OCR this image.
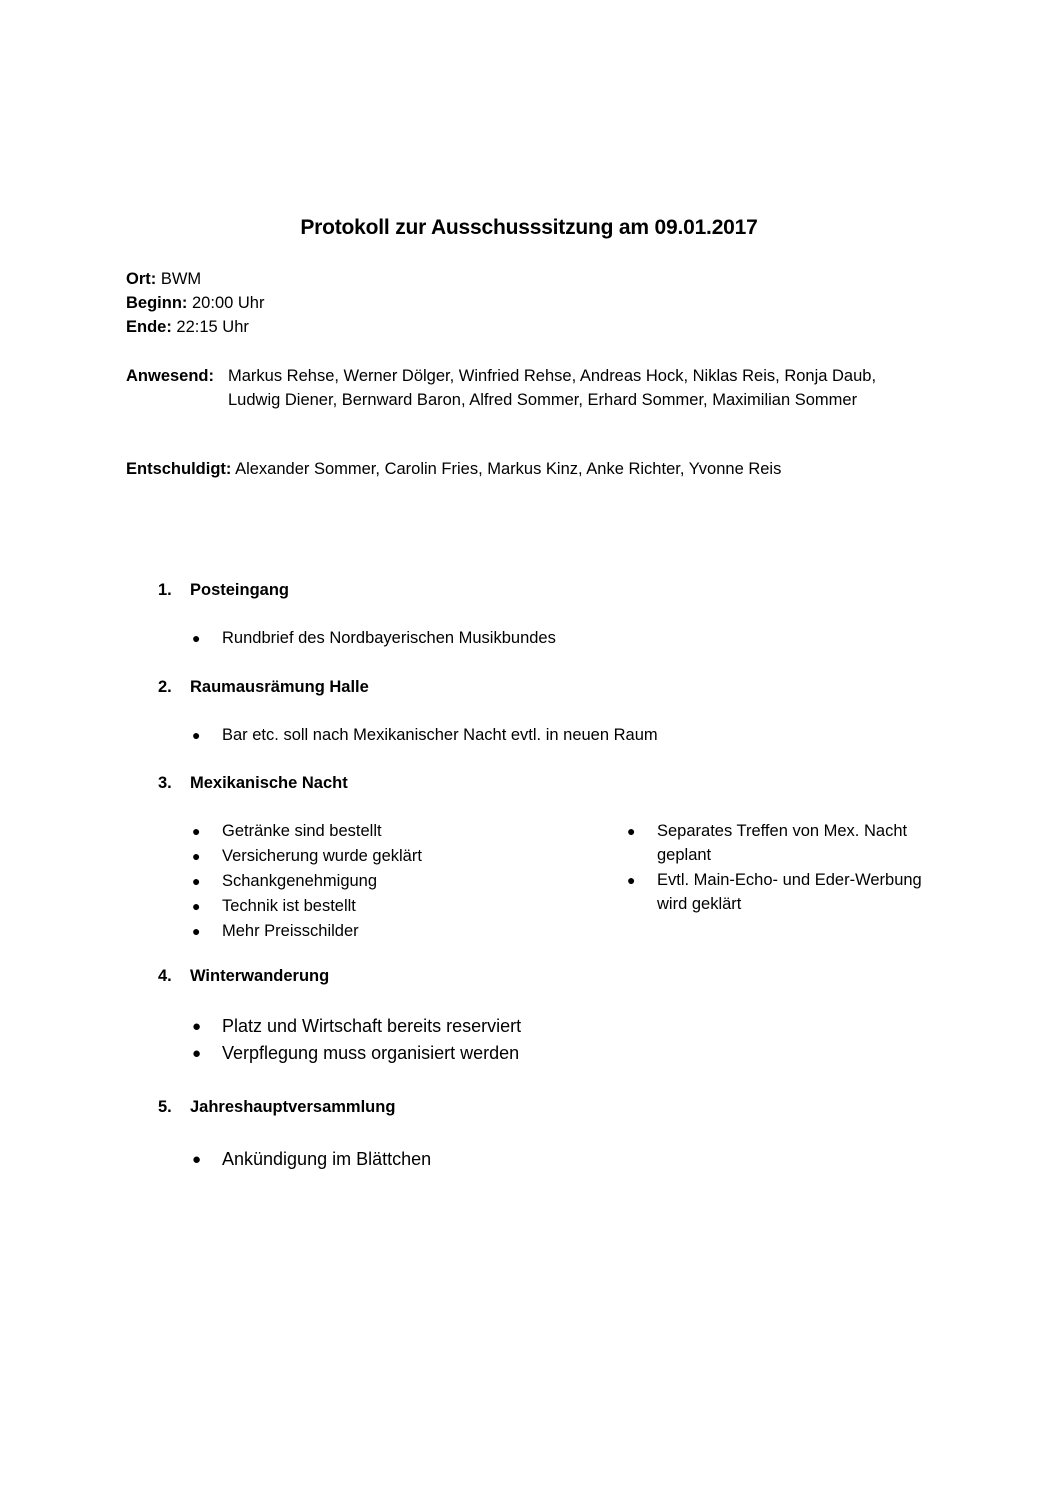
Protokoll zur Ausschusssitzung am 09.01.2017
Ort: BWM
Beginn: 20:00 Uhr
Ende: 22:15 Uhr
Anwesend: Markus Rehse, Werner Dölger, Winfried Rehse, Andreas Hock, Niklas Reis, Ronja Daub, Ludwig Diener, Bernward Baron, Alfred Sommer, Erhard Sommer, Maximilian Sommer
Entschuldigt: Alexander Sommer, Carolin Fries, Markus Kinz, Anke Richter, Yvonne Reis
1. Posteingang
● Rundbrief des Nordbayerischen Musikbundes
2. Raumausrämung Halle
● Bar etc. soll nach Mexikanischer Nacht evtl. in neuen Raum
3. Mexikanische Nacht
● Getränke sind bestellt
● Versicherung wurde geklärt
● Schankgenehmigung
● Technik ist bestellt
● Mehr Preisschilder
● Separates Treffen von Mex. Nacht geplant
● Evtl. Main-Echo- und Eder-Werbung wird geklärt
4. Winterwanderung
● Platz und Wirtschaft bereits reserviert
● Verpflegung muss organisiert werden
5. Jahreshauptversammlung
● Ankündigung im Blättchen
